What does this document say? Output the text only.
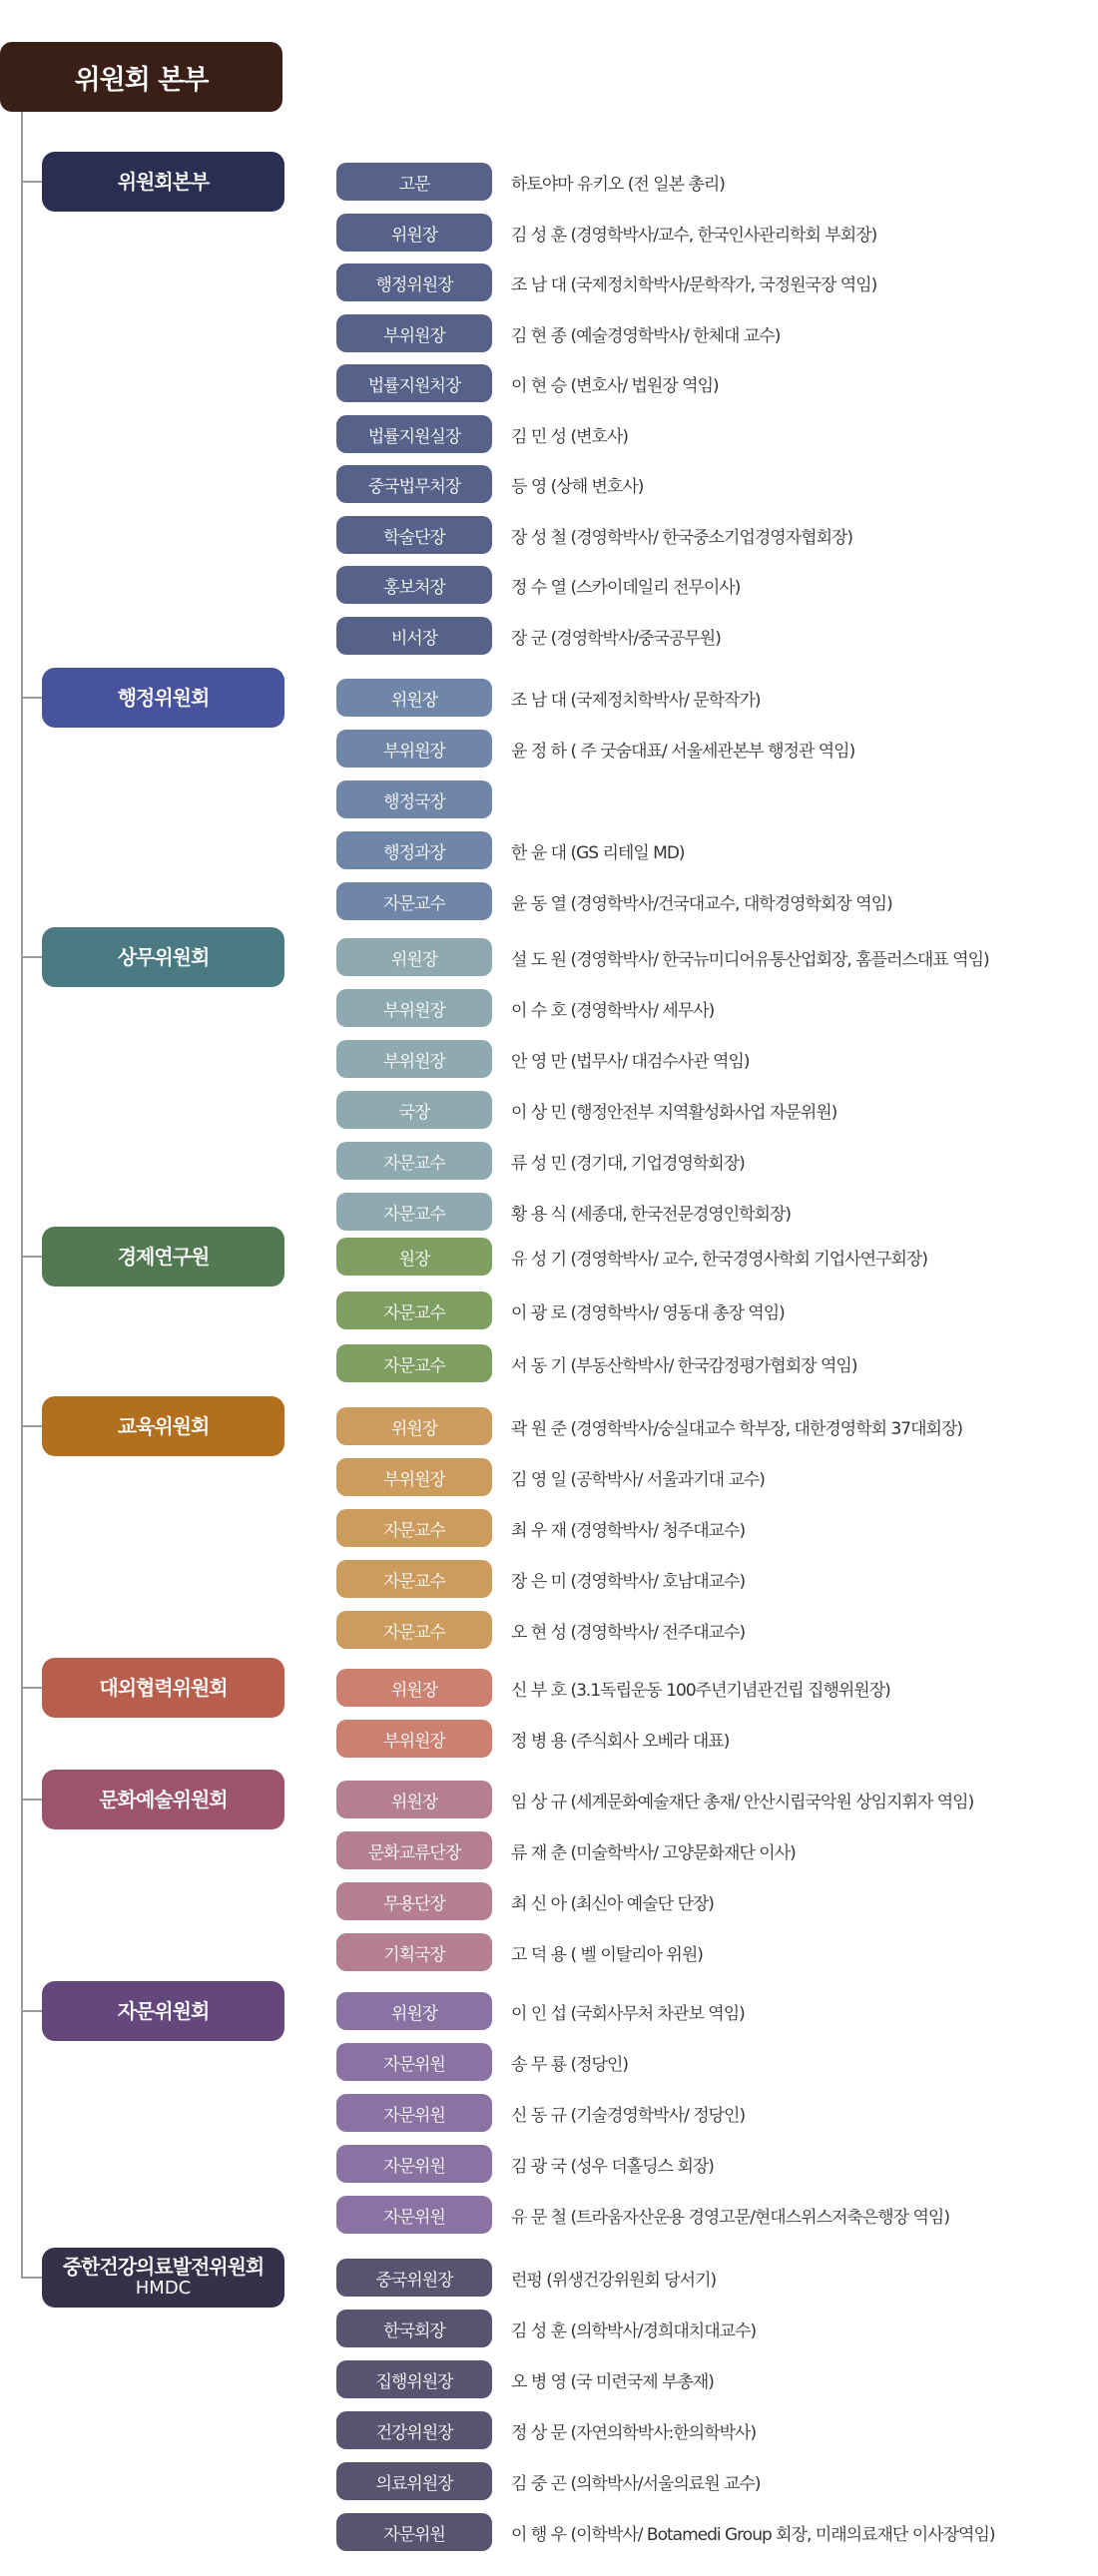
위원회 본부
위원회본부	고문	하토야마 유키오 (전 일본 총리)
위원장	김 성 훈 (경영학박사/교수, 한국인사관리학회 부회장)
행정위원장	조 남 대 (국제정치학박사/문학작가, 국정원국장 역임)
부위원장	김 현 종 (예술경영학박사/ 한체대 교수)
법률지원처장	이 현 승 (변호사/ 법원장 역임)
법률지원실장	김 민 성 (변호사)
중국법무처장	등 영 (상해 변호사)
학술단장	장 성 철 (경영학박사/ 한국중소기업경영자협회장)
홍보처장	정 수 열 (스카이데일리 전무이사)
비서장	장 군 (경영학박사/중국공무원)
행정위원회	위원장	조 남 대 (국제정치학박사/ 문학작가)
부위원장	윤 정 하 ( 주 굿숨대표/ 서울세관본부 행정관 역임)
행정국장
행정과장	한 윤 대 (GS 리테일 MD)
자문교수	윤 동 열 (경영학박사/건국대교수, 대학경영학회장 역임)
상무위원회	위원장	설 도 원 (경영학박사/ 한국뉴미디어유통산업회장, 홈플러스대표 역임)
부위원장	이 수 호 (경영학박사/ 세무사)
부위원장	안 영 만 (법무사/ 대검수사관 역임)
국장	이 상 민 (행정안전부 지역활성화사업 자문위원)
자문교수	류 성 민 (경기대, 기업경영학회장)
자문교수	황 용 식 (세종대, 한국전문경영인학회장)
경제연구원	원장	유 성 기 (경영학박사/ 교수, 한국경영사학회 기업사연구회장)
자문교수	이 광 로 (경영학박사/ 영동대 총장 역임)
자문교수	서 동 기 (부동산학박사/ 한국감정평가협회장 역임)
교육위원회	위원장	곽 원 준 (경영학박사/숭실대교수 학부장, 대한경영학회 37대회장)
부위원장	김 영 일 (공학박사/ 서울과기대 교수)
자문교수	최 우 재 (경영학박사/ 청주대교수)
자문교수	장 은 미 (경영학박사/ 호남대교수)
자문교수	오 현 성 (경영학박사/ 전주대교수)
대외협력위원회	위원장	신 부 호 (3.1독립운동 100주년기념관건립 집행위원장)
부위원장	정 병 용 (주식회사 오베라 대표)
문화예술위원회	위원장	임 상 규 (세계문화예술재단 총재/ 안산시립국악원 상임지휘자 역임)
문화교류단장	류 재 춘 (미술학박사/ 고양문화재단 이사)
무용단장	최 신 아 (최신아 예술단 단장)
기획국장	고 덕 용 ( 벨 이탈리아 위원)
자문위원회	위원장	이 인 섭 (국회사무처 차관보 역임)
자문위원	송 무 룡 (정당인)
자문위원	신 동 규 (기술경영학박사/ 정당인)
자문위원	김 광 국 (성우 더홀딩스 회장)
자문위원	유 문 철 (트라움자산운용 경영고문/현대스위스저축은행장 역임)
중한건강의료발전위원회
HMDC	중국위원장	런펑 (위생건강위원회 당서기)
한국회장	김 성 훈 (의학박사/경희대치대교수)
집행위원장	오 병 영 (국 미련국제 부총재)
건강위원장	정 상 문 (자연의학박사:한의학박사)
의료위원장	김 중 곤 (의학박사/서울의료원 교수)
자문위원	이 행 우 (이학박사/ Botamedi Group 회장, 미래의료재단 이사장역임)
